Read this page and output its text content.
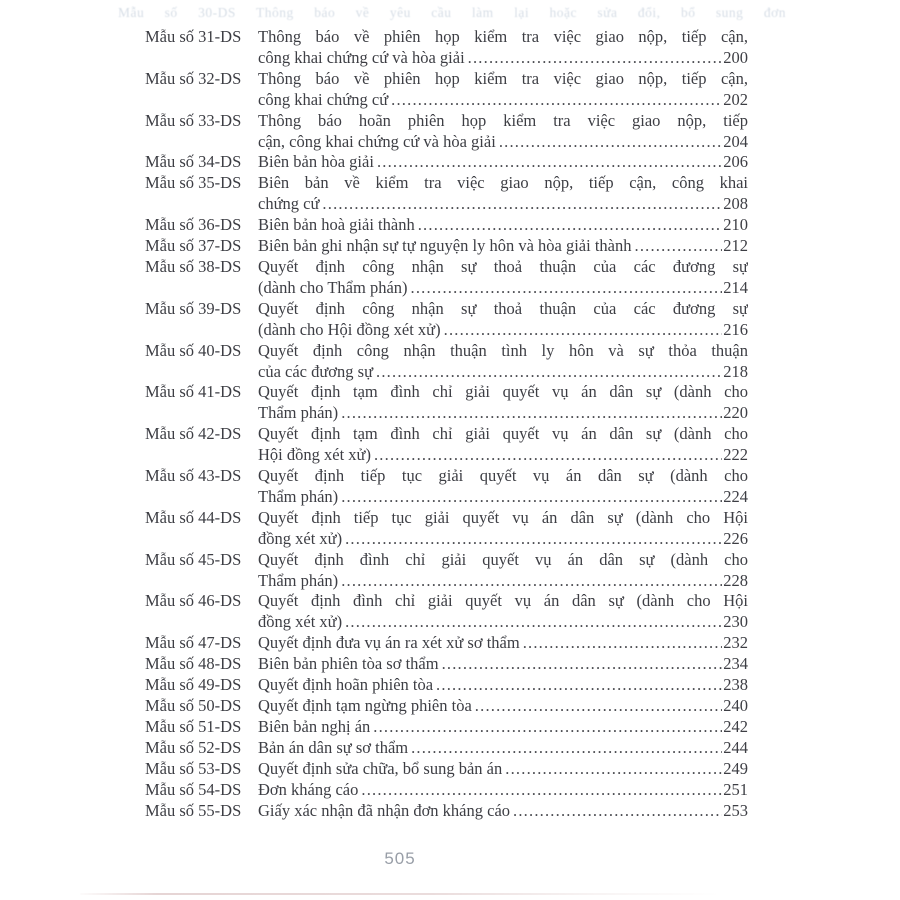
Mẫu số 30-DS Thông báo về yêu cầu làm lại hoặc sửa đổi, bổ sung đơn
Mẫu số 31-DS	Thông báo về phiên họp kiểm tra việc giao nộp, tiếp cận,
công khai chứng cứ và hòa giải .....	200
Mẫu số 32-DS	Thông báo về phiên họp kiểm tra việc giao nộp, tiếp cận,
công khai chứng cứ .....	202
Mẫu số 33-DS	Thông báo hoãn phiên họp kiểm tra việc giao nộp, tiếp
cận, công khai chứng cứ và hòa giải .....	204
Mẫu số 34-DS	Biên bản hòa giải .....	206
Mẫu số 35-DS	Biên bản về kiểm tra việc giao nộp, tiếp cận, công khai
chứng cứ .....	208
Mẫu số 36-DS	Biên bản hoà giải thành .....	210
Mẫu số 37-DS	Biên bản ghi nhận sự tự nguyện ly hôn và hòa giải thành .....	212
Mẫu số 38-DS	Quyết định công nhận sự thoả thuận của các đương sự
(dành cho Thẩm phán) .....	214
Mẫu số 39-DS	Quyết định công nhận sự thoả thuận của các đương sự
(dành cho Hội đồng xét xử) .....	216
Mẫu số 40-DS	Quyết định công nhận thuận tình ly hôn và sự thỏa thuận
của các đương sự .....	218
Mẫu số 41-DS	Quyết định tạm đình chỉ giải quyết vụ án dân sự (dành cho
Thẩm phán) .....	220
Mẫu số 42-DS	Quyết định tạm đình chỉ giải quyết vụ án dân sự (dành cho
Hội đồng xét xử) .....	222
Mẫu số 43-DS	Quyết định tiếp tục giải quyết vụ án dân sự (dành cho
Thẩm phán) .....	224
Mẫu số 44-DS	Quyết định tiếp tục giải quyết vụ án dân sự (dành cho Hội
đồng xét xử) .....	226
Mẫu số 45-DS	Quyết định đình chỉ giải quyết vụ án dân sự (dành cho
Thẩm phán) .....	228
Mẫu số 46-DS	Quyết định đình chỉ giải quyết vụ án dân sự (dành cho Hội
đồng xét xử) .....	230
Mẫu số 47-DS	Quyết định đưa vụ án ra xét xử sơ thẩm .....	232
Mẫu số 48-DS	Biên bản phiên tòa sơ thẩm .....	234
Mẫu số 49-DS	Quyết định hoãn phiên tòa .....	238
Mẫu số 50-DS	Quyết định tạm ngừng phiên tòa .....	240
Mẫu số 51-DS	Biên bản nghị án .....	242
Mẫu số 52-DS	Bản án dân sự sơ thẩm .....	244
Mẫu số 53-DS	Quyết định sửa chữa, bổ sung bản án .....	249
Mẫu số 54-DS	Đơn kháng cáo .....	251
Mẫu số 55-DS	Giấy xác nhận đã nhận đơn kháng cáo .....	253
505
